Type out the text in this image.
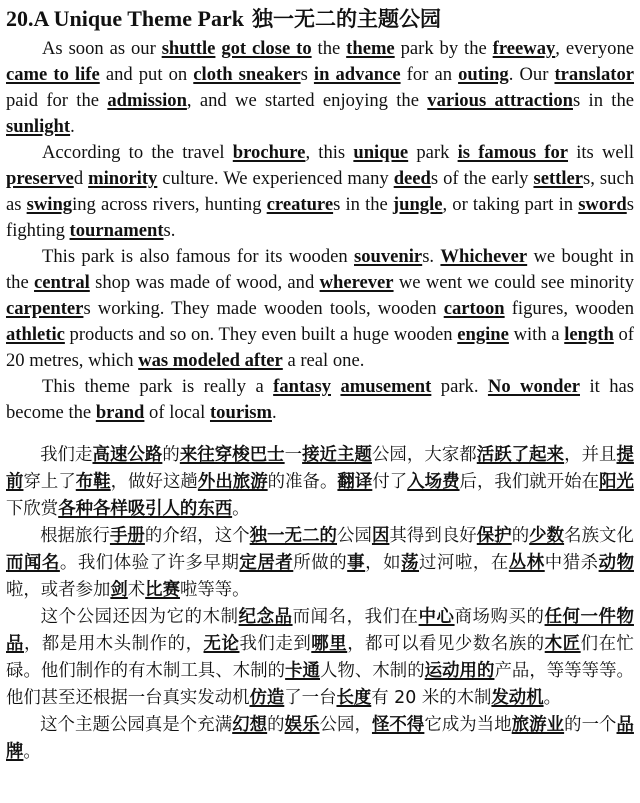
20.A Unique Theme Park 独一无二的主题公园

As soon as our shuttle got close to the theme park by the freeway, everyone came to life and put on cloth sneakers in advance for an outing. Our translator paid for the admission, and we started enjoying the various attractions in the sunlight.

According to the travel brochure, this unique park is famous for its well preserved minority culture. We experienced many deeds of the early settlers, such as swinging across rivers, hunting creatures in the jungle, or taking part in swords fighting tournaments.

This park is also famous for its wooden souvenirs. Whichever we bought in the central shop was made of wood, and wherever we went we could see minority carpenters working. They made wooden tools, wooden cartoon figures, wooden athletic products and so on. They even built a huge wooden engine with a length of 20 metres, which was modeled after a real one.

This theme park is really a fantasy amusement park. No wonder it has become the brand of local tourism.

我们走高速公路的来往穿梭巴士一接近主题公园，大家都活跃了起来，并且提前穿上了布鞋，做好这趟外出旅游的准备。翻译付了入场费后，我们就开始在阳光下欣赏各种各样吸引人的东西。

根据旅行手册的介绍，这个独一无二的公园因其得到良好保护的少数名族文化而闻名。我们体验了许多早期定居者所做的事，如荡过河啦，在丛林中猎杀动物啦，或者参加剑术比赛啦等等。

这个公园还因为它的木制纪念品而闻名，我们在中心商场购买的任何一件物品，都是用木头制作的，无论我们走到哪里，都可以看见少数名族的木匠们在忙碌。他们制作的有木制工具、木制的卡通人物、木制的运动用的产品，等等等等。他们甚至还根据一台真实发动机仿造了一台长度有 20 米的木制发动机。

这个主题公园真是个充满幻想的娱乐公园，怪不得它成为当地旅游业的一个品牌。
